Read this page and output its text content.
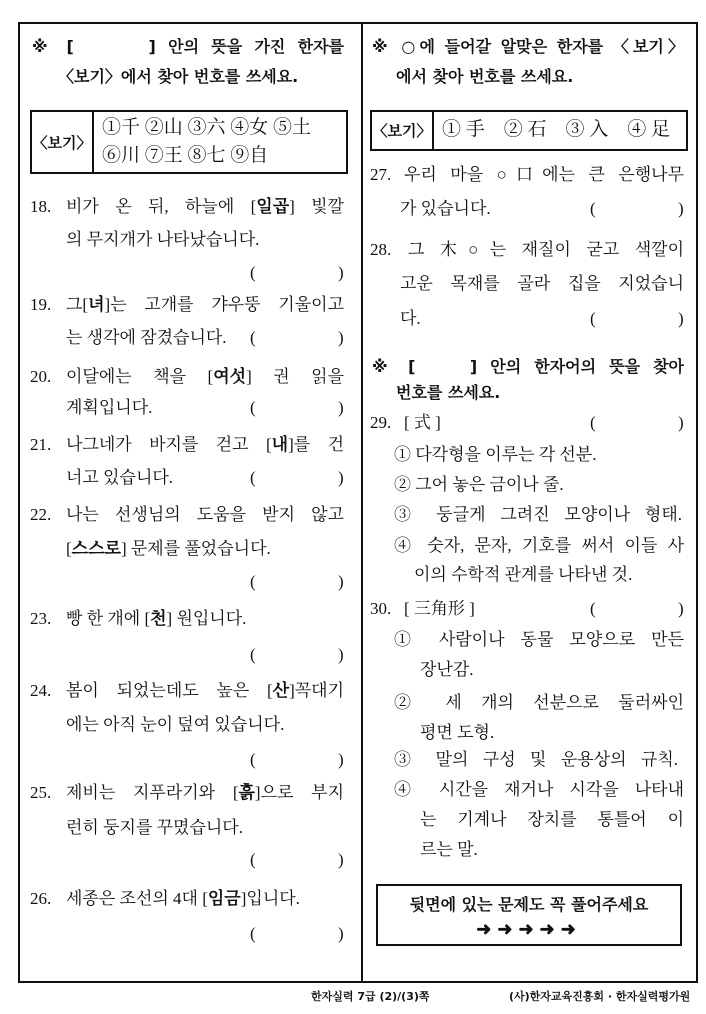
※ [　　　] 안의 뜻을 가진 한자를
〈보기〉에서 찾아 번호를 쓰세요.
〈보기〉
①千 ②山 ③六 ④女 ⑤土
⑥川 ⑦王 ⑧七 ⑨自
18. 비가 온 뒤, 하늘에 [일곱] 빛깔
의 무지개가 나타났습니다.
(	)
19. 그[녀]는 고개를 갸우뚱 기울이고
는 생각에 잠겼습니다. (	)
20. 이달에는 책을 [여섯] 권 읽을
계획입니다.	(	)
21. 나그네가 바지를 걷고 [내]를 건
너고 있습니다.	(	)
22. 나는 선생님의 도움을 받지 않고
[스스로] 문제를 풀었습니다.
(	)
23. 빵 한 개에 [천] 원입니다.
(	)
24. 봄이 되었는데도 높은 [산]꼭대기
에는 아직 눈이 덮여 있습니다.
(	)
25. 제비는 지푸라기와 [흙]으로 부지
런히 둥지를 꾸몄습니다.
(	)
26. 세종은 조선의 4대 [임금]입니다.
(	)
※ ○에 들어갈 알맞은 한자를 〈보기〉
에서 찾아 번호를 쓰세요.
〈보기〉 ① 手　② 石　③ 入　④ 足
27. 우리 마을 ○口에는 큰 은행나무
가 있습니다.	(	)
28. 그 木○는 재질이 굳고 색깔이
고운 목재를 골라 집을 지었습니
다.	(	)
※ [　　] 안의 한자어의 뜻을 찾아
번호를 쓰세요.
29. [ 式 ]	(	)
① 다각형을 이루는 각 선분.
② 그어 놓은 금이나 줄.
③ 둥글게 그려진 모양이나 형태.
④ 숫자, 문자, 기호를 써서 이들 사
이의 수학적 관계를 나타낸 것.
30. [ 三角形 ]	(	)
① 사람이나 동물 모양으로 만든
장난감.
② 세 개의 선분으로 둘러싸인
평면 도형.
③ 말의 구성 및 운용상의 규칙.
④ 시간을 재거나 시각을 나타내
는 기계나 장치를 통틀어 이
르는 말.
뒷면에 있는 문제도 꼭 풀어주세요
➜➜➜➜➜
한자실력 7급 (2)/(3)쪽	(사)한자교육진흥회 · 한자실력평가원
